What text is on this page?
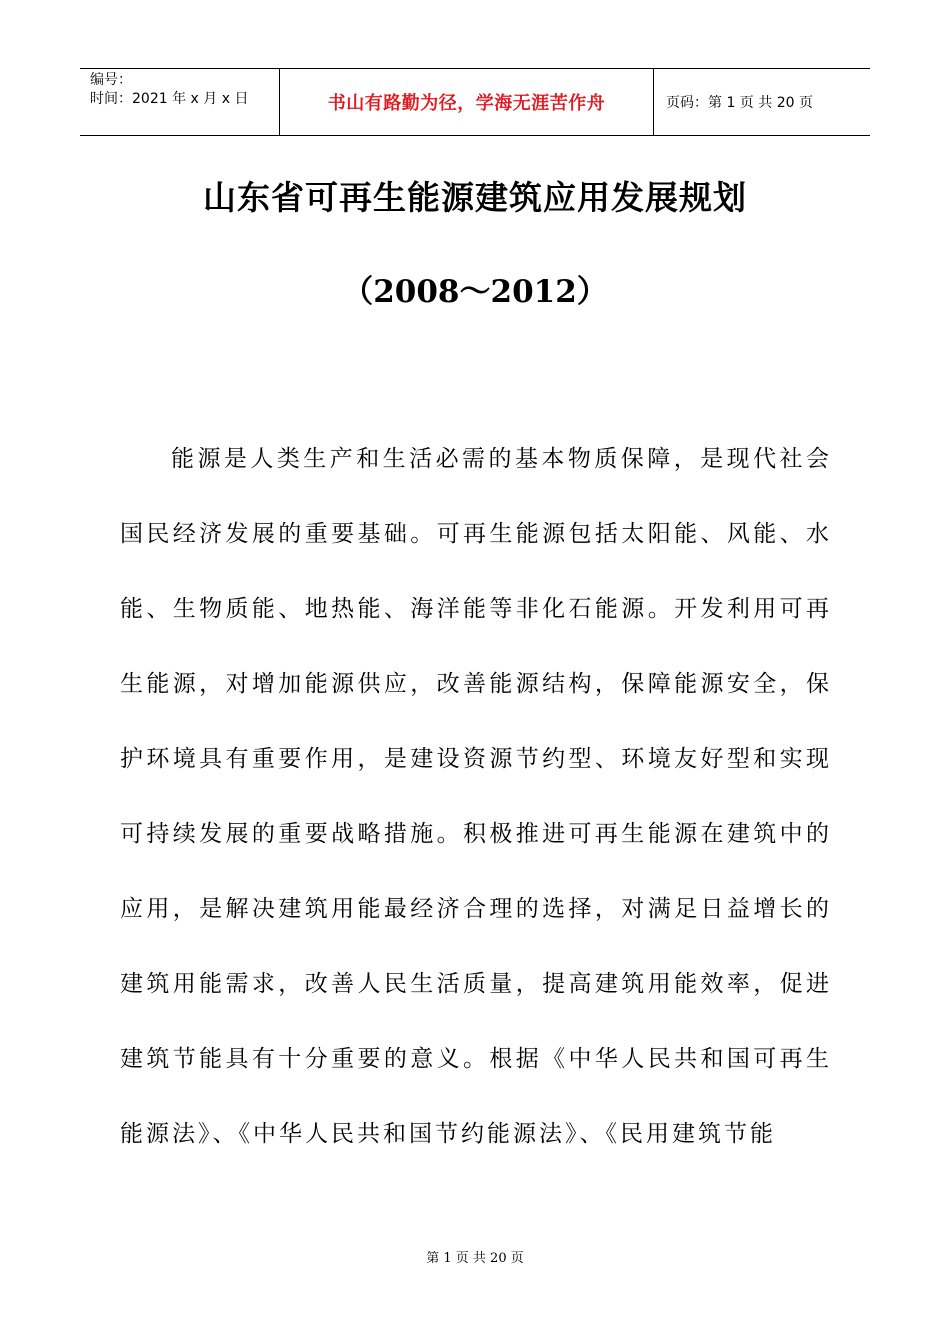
编号：
时间：2021 年 x 月 x 日	书山有路勤为径，学海无涯苦作舟	页码：第 1 页 共 20 页
山东省可再生能源建筑应用发展规划
（2008～2012）
能源是人类生产和生活必需的基本物质保障，是现代社会国民经济发展的重要基础。可再生能源包括太阳能、风能、水能、生物质能、地热能、海洋能等非化石能源。开发利用可再生能源，对增加能源供应，改善能源结构，保障能源安全，保护环境具有重要作用，是建设资源节约型、环境友好型和实现可持续发展的重要战略措施。积极推进可再生能源在建筑中的应用，是解决建筑用能最经济合理的选择，对满足日益增长的建筑用能需求，改善人民生活质量，提高建筑用能效率，促进建筑节能具有十分重要的意义。根据《中华人民共和国可再生能源法》、《中华人民共和国节约能源法》、《民用建筑节能
第 1 页 共 20 页
